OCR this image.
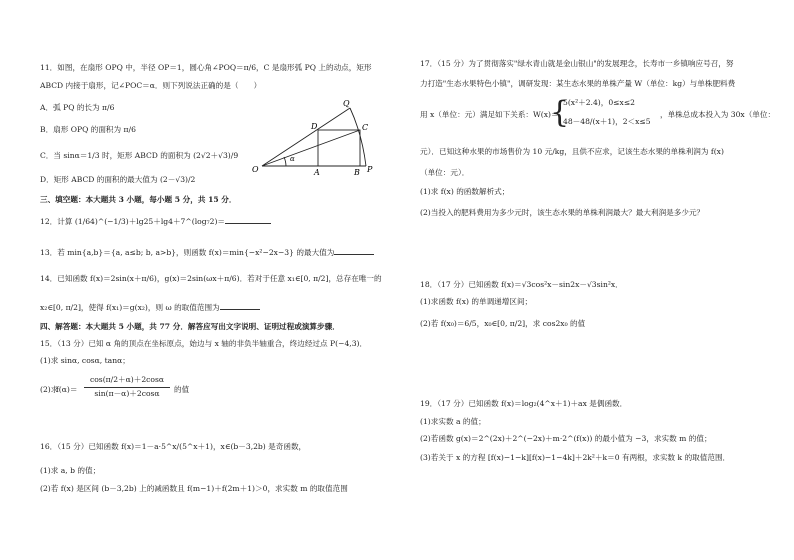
11．如图，在扇形 OPQ 中，半径 OP＝1，圆心角∠POQ＝π/6，C 是扇形弧 PQ 上的动点，矩形
ABCD 内接于扇形，记∠POC＝α．则下列说法正确的是（　　）
A．弧 PQ 的长为 π/6
B．扇形 OPQ 的面积为 π/6
C．当 sinα＝1/3 时，矩形 ABCD 的面积为 (2√2＋√3)/9
D．矩形 ABCD 的面积的最大值为 (2－√3)/2
三、填空题：本大题共 3 小题，每小题 5 分，共 15 分．
12．计算 (1/64)^(−1/3)＋lg25＋lg4＋7^(log₇2)＝
13．若 min{a,b}＝{a, a≤b; b, a>b}，则函数 f(x)＝min{−x²−2x−3} 的最大值为
14．已知函数 f(x)＝2sin(x＋π/6)，g(x)＝2sin(ωx＋π/6)．若对于任意 x₁∈[0, π/2]，总存在唯一的
x₂∈[0, π/2]，使得 f(x₁)＝g(x₂)，则 ω 的取值范围为
四、解答题：本大题共 5 小题，共 77 分．解答应写出文字说明、证明过程或演算步骤．
15．（13 分）已知 α 角的顶点在坐标原点，始边与 x 轴的非负半轴重合，终边经过点 P(−4,3)．
(1)求 sinα, cosα, tanα；
(2)求
f(α)＝
cos(π/2＋α)＋2cosα
sin(π－α)＋2cosα	的值
16．（15 分）已知函数 f(x)＝1－a·5^x/(5^x＋1)，x∈(b－3,2b) 是奇函数，
(1)求 a, b 的值；
(2)若 f(x) 是区间 (b－3,2b) 上的减函数且 f(m−1)＋f(2m＋1)＞0，求实数 m 的取值范围
O	P
Q
A	B
C
D
α
17．（15 分）为了贯彻落实"绿水青山就是金山银山"的发展理念，长寿市一乡镇响应号召，努
力打造"生态水果特色小镇"，调研发现：某生态水果的单株产量 W（单位：kg）与单株肥料费
用 x（单位：元）满足如下关系：W(x)＝
{
5(x²＋2.4)，0≤x≤2
48－48/(x＋1)，2＜x≤5
，单株总成本投入为 30x（单位：
元）．已知这种水果的市场售价为 10 元/kg，且供不应求，记该生态水果的单株利润为 f(x)
（单位：元）．
(1)求 f(x) 的函数解析式；
(2)当投入的肥料费用为多少元时，该生态水果的单株利润最大？最大利润是多少元？
18．（17 分）已知函数 f(x)＝√3cos²x－sin2x－√3sin²x．
(1)求函数 f(x) 的单调递增区间；
(2)若 f(x₀)＝6/5，x₀∈[0, π/2]，求 cos2x₀ 的值
19．（17 分）已知函数 f(x)＝log₂(4^x＋1)＋ax 是偶函数．
(1)求实数 a 的值；
(2)若函数 g(x)＝2^(2x)＋2^(−2x)＋m·2^(f(x)) 的最小值为 −3，求实数 m 的值；
(3)若关于 x 的方程 [f(x)−1−k][f(x)−1−4k]＋2k²＋k＝0 有两根，求实数 k 的取值范围．
